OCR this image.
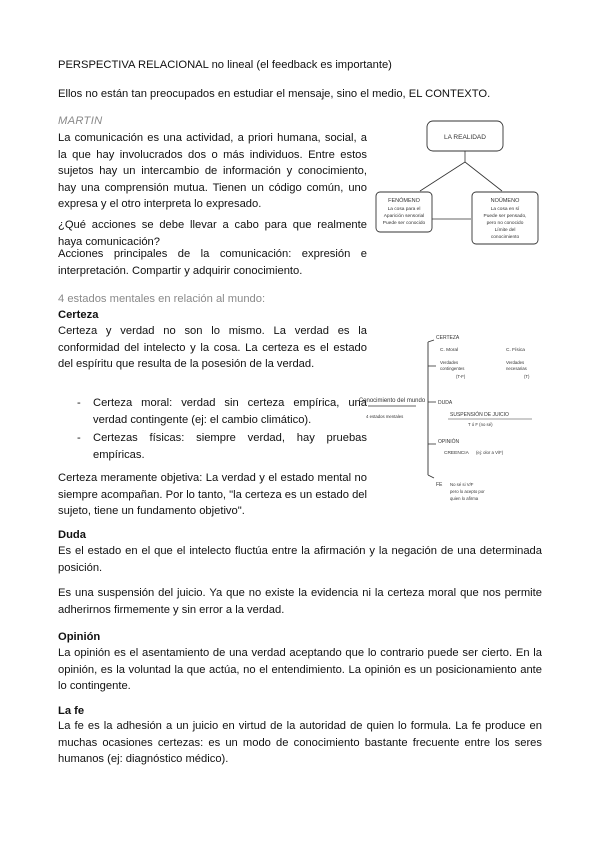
PERSPECTIVA RELACIONAL no lineal (el feedback es importante)
Ellos no están tan preocupados en estudiar el mensaje, sino el medio, EL CONTEXTO.
MARTIN
La comunicación es una actividad, a priori humana, social, a la que hay involucrados dos o más individuos. Entre estos sujetos hay un intercambio de información y conocimiento, hay una comprensión mutua. Tienen un código común, uno expresa y el otro interpreta lo expresado.
¿Qué acciones se debe llevar a cabo para que realmente haya comunicación?
Acciones principales de la comunicación: expresión e interpretación. Compartir y adquirir conocimiento.
LA REALIDAD
FENÓMENO
La cosa para el
Aparición sensorial
Puede ser conocido
NOÚMENO
La cosa en sí
Puede ser pensado,
pero no conocido
Límite del
conocimiento
4 estados mentales en relación al mundo:
Certeza
Certeza y verdad no son lo mismo. La verdad es la conformidad del intelecto y la cosa. La certeza es el estado del espíritu que resulta de la posesión de la verdad.
- Certeza moral: verdad sin certeza empírica, una verdad contingente (ej: el cambio climático).
- Certezas físicas: siempre verdad, hay pruebas empíricas.
Certeza meramente objetiva: La verdad y el estado mental no siempre acompañan. Por lo tanto, "la certeza es un estado del sujeto, tiene un fundamento objetivo".
Conocimiento del mundo
4 estados mentales
CERTEZA
C. Moral	C. Física
Verdades
contingentes
(T-F)
Verdades
necesarias
(T)
DUDA
SUSPENSIÓN DE JUICIO
T ó F (no sé)
OPINIÓN
CREENCIA (ej: olor a V/F)
FE No sé si V/F
pero lo acepto por
quien lo afirma
Duda
Es el estado en el que el intelecto fluctúa entre la afirmación y la negación de una determinada posición.
Es una suspensión del juicio. Ya que no existe la evidencia ni la certeza moral que nos permite adherirnos firmemente y sin error a la verdad.
Opinión
La opinión es el asentamiento de una verdad aceptando que lo contrario puede ser cierto. En la opinión, es la voluntad la que actúa, no el entendimiento. La opinión es un posicionamiento ante lo contingente.
La fe
La fe es la adhesión a un juicio en virtud de la autoridad de quien lo formula. La fe produce en muchas ocasiones certezas: es un modo de conocimiento bastante frecuente entre los seres humanos (ej: diagnóstico médico).
